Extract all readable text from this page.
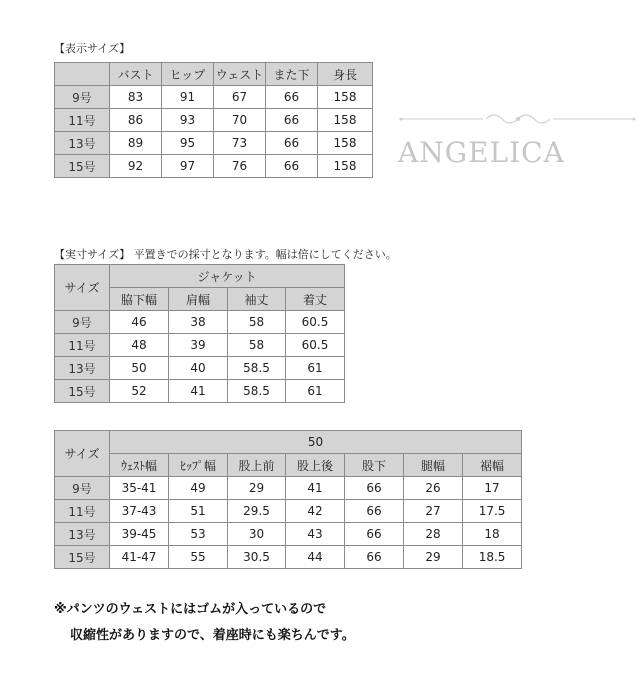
【表示サイズ】
	バスト	ヒップ	ウェスト	また下	身長
9号	83	91	67	66	158
11号	86	93	70	66	158
13号	89	95	73	66	158
15号	92	97	76	66	158 ANGELICA
【実寸サイズ】 平置きでの採寸となります。幅は倍にしてください。
サイズ	ジャケット			
	脇下幅	肩幅	袖丈	着丈
9号	46	38	58	60.5
11号	48	39	58	60.5
13号	50	40	58.5	61
15号	52	41	58.5	61
サイズ	50						
	ｳｪｽﾄ幅	ﾋｯﾌﾟ幅	股上前	股上後	股下	腿幅	裾幅
9号	35-41	49	29	41	66	26	17
11号	37-43	51	29.5	42	66	27	17.5
13号	39-45	53	30	43	66	28	18
15号	41-47	55	30.5	44	66	29	18.5
※パンツのウェストにはゴムが入っているので
収縮性がありますので、着座時にも楽ちんです。
